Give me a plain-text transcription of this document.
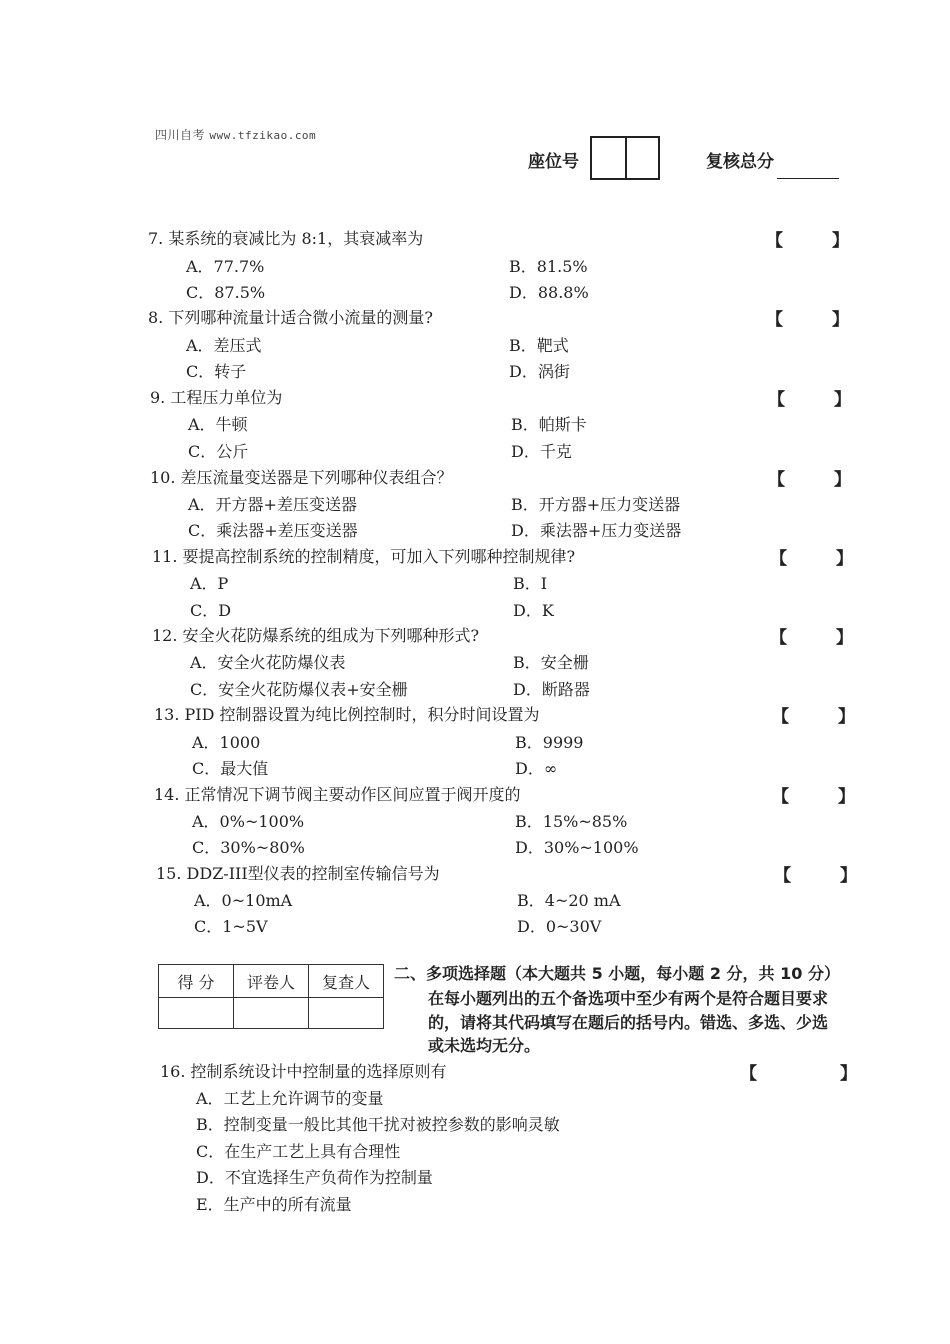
四川自考 www.tfzikao.com
座位号	复核总分
7. 某系统的衰减比为 8:1，其衰减率为	【	】
A．77.7%	B．81.5%
C．87.5%	D．88.8%
8. 下列哪种流量计适合微小流量的测量?	【	】
A．差压式	B．靶式
C．转子	D．涡街
9. 工程压力单位为	【	】
A．牛顿	B．帕斯卡
C．公斤	D．千克
10. 差压流量变送器是下列哪种仪表组合？	【	】
A．开方器+差压变送器	B．开方器+压力变送器
C．乘法器+差压变送器	D．乘法器+压力变送器
11. 要提高控制系统的控制精度，可加入下列哪种控制规律?	【	】
A．P	B．I
C．D	D．K
12. 安全火花防爆系统的组成为下列哪种形式?	【	】
A．安全火花防爆仪表	B．安全栅
C．安全火花防爆仪表+安全栅	D．断路器
13. PID 控制器设置为纯比例控制时，积分时间设置为	【	】
A．1000	B．9999
C．最大值	D．∞
14. 正常情况下调节阀主要动作区间应置于阀开度的	【	】
A．0%~100%	B．15%~85%
C．30%~80%	D．30%~100%
15. DDZ-III型仪表的控制室传输信号为	【	】
A．0~10mA	B．4~20 mA
C．1~5V	D．0~30V
得 分	评卷人	复查人
		二、多项选择题（本大题共 5 小题，每小题 2 分，共 10 分）
在每小题列出的五个备选项中至少有两个是符合题目要求
的，请将其代码填写在题后的括号内。错选、多选、少选
或未选均无分。
16. 控制系统设计中控制量的选择原则有	【	】
A．工艺上允许调节的变量
B．控制变量一般比其他干扰对被控参数的影响灵敏
C．在生产工艺上具有合理性
D．不宜选择生产负荷作为控制量
E．生产中的所有流量
